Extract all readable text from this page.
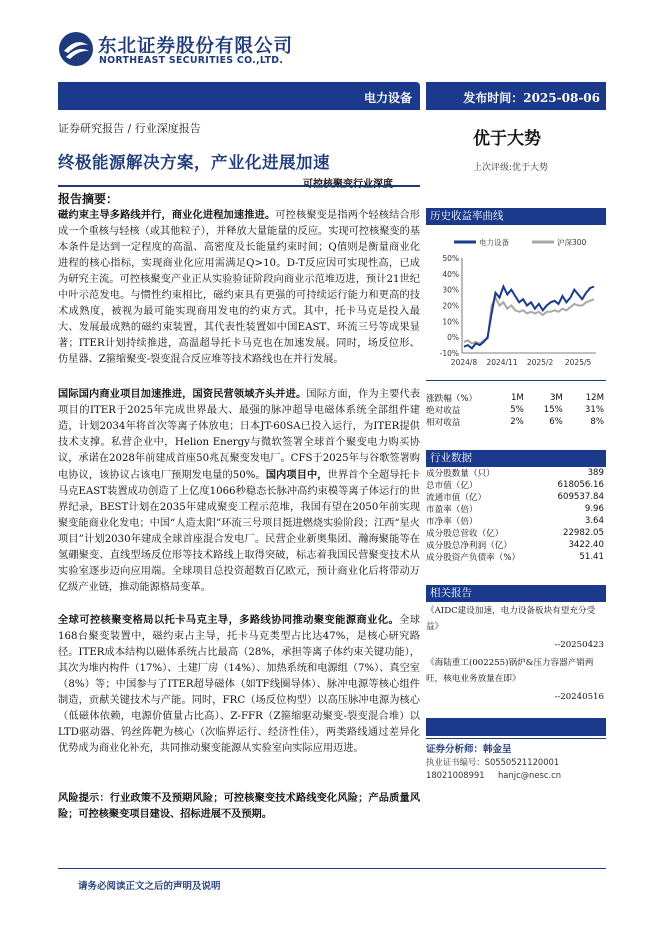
东北证券股份有限公司
NORTHEAST SECURITIES CO.,LTD.
电力设备	发布时间：2025-08-06
证券研究报告 / 行业深度报告
优于大势
上次评级:优于大势
终极能源解决方案，产业化进展加速
报告摘要：
磁约束主导多路线并行，商业化进程加速推进。可控核聚变是指两个轻核结合形成一个重核与轻核（或其他粒子），并释放大量能量的反应。实现可控核聚变的基本条件是达到一定程度的高温、高密度及长能量约束时间；Q值则是衡量商业化进程的核心指标，实现商业化应用需满足Q>10。D-T反应因可实现性高，已成为研究主流。可控核聚变产业正从实验验证阶段向商业示范堆迈进，预计21世纪中叶示范发电。与惯性约束相比，磁约束具有更强的可持续运行能力和更高的技术成熟度，被视为最可能实现商用发电的约束方式。其中，托卡马克是投入最大、发展最成熟的磁约束装置，其代表性装置如中国EAST、环流三号等成果显著；ITER计划持续推进，高温超导托卡马克也在加速发展。同时，场反位形、仿星器、Z箍缩聚变-裂变混合反应堆等技术路线也在并行发展。
国际国内商业项目加速推进，国资民营领域齐头并进。国际方面，作为主要代表项目的ITER于2025年完成世界最大、最强的脉冲超导电磁体系统全部组件建造，计划2034年将首次等离子体放电；日本JT-60SA已投入运行，为ITER提供技术支撑。私营企业中，Helion Energy与微软签署全球首个聚变电力购买协议，承诺在2028年前建成首座50兆瓦聚变发电厂。CFS于2025年与谷歌签署购电协议，该协议占该电厂预期发电量的50%。国内项目中，世界首个全超导托卡马克EAST装置成功创造了上亿度1066秒稳态长脉冲高约束模等离子体运行的世界纪录，BEST计划在2035年建成聚变工程示范堆，我国有望在2050年前实现聚变能商业化发电；中国“人造太阳”环流三号项目挺进燃烧实验阶段；江西“星火项目”计划2030年建成全球首座混合发电厂。民营企业新奥集团、瀚海聚能等在氢硼聚变、直线型场反位形等技术路线上取得突破，标志着我国民营聚变技术从实验室逐步迈向应用端。全球项目总投资超数百亿欧元，预计商业化后将带动万亿级产业链，推动能源格局变革。
全球可控核聚变格局以托卡马克主导，多路线协同推动聚变能源商业化。全球168台聚变装置中，磁约束占主导，托卡马克类型占比达47%，是核心研究路径。ITER成本结构以磁体系统占比最高（28%，承担等离子体约束关键功能），其次为堆内构件（17%）、土建厂房（14%）、加热系统和电源组（7%）、真空室（8%）等；中国参与了ITER超导磁体（如TF线圈导体）、脉冲电源等核心组件制造，贡献关键技术与产能。同时，FRC（场反位构型）以高压脉冲电源为核心（低磁体依赖，电源价值量占比高）、Z-FFR（Z箍缩驱动聚变-裂变混合堆）以LTD驱动器、钨丝阵靶为核心（次临界运行、经济性佳），两类路线通过差异化优势成为商业化补充，共同推动聚变能源从实验室向实际应用迈进。
风险提示：行业政策不及预期风险；可控核聚变技术路线变化风险；产品质量风险；可控核聚变项目建设、招标进展不及预期。
历史收益率曲线
电力设备	沪深300
-10%
0%
10%
20%
30%
40%
50%
2024/8 2024/11 2025/2 2025/5
涨跌幅（%）	1M	3M	12M
绝对收益	5%	15%	31%
相对收益	2%	6%	8%
行业数据
成分股数量（只）	389
总市值（亿）	618056.16
流通市值（亿）	609537.84
市盈率（倍）	9.96
市净率（倍）	3.64
成分股总营收（亿）	22982.05
成分股总净利润（亿）	3422.40
成分股资产负债率（%）	51.41
相关报告
《AIDC建设加速，电力设备板块有望充分受益》
--20250423
《海陆重工(002255)锅炉&压力容器产销两旺，核电业务放量在即》
--20240516
证券分析师：韩金呈
执业证书编号：S0550521120001
18021008991 hanjc@nesc.cn
请务必阅读正文之后的声明及说明
